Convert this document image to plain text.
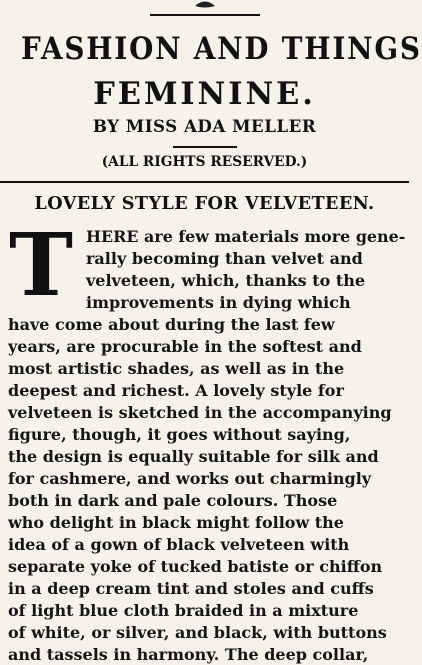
FASHION AND THINGS
FEMININE.
BY MISS ADA MELLER
(ALL RIGHTS RESERVED.)
LOVELY STYLE FOR VELVETEEN.
T HERE are few materials more gene-
rally becoming than velvet and
velveteen, which, thanks to the
improvements in dying which
have come about during the last few
years, are procurable in the softest and
most artistic shades, as well as in the
deepest and richest. A lovely style for
velveteen is sketched in the accompanying
figure, though, it goes without saying,
the design is equally suitable for silk and
for cashmere, and works out charmingly
both in dark and pale colours. Those
who delight in black might follow the
idea of a gown of black velveteen with
separate yoke of tucked batiste or chiffon
in a deep cream tint and stoles and cuffs
of light blue cloth braided in a mixture
of white, or silver, and black, with buttons
and tassels in harmony. The deep collar,
